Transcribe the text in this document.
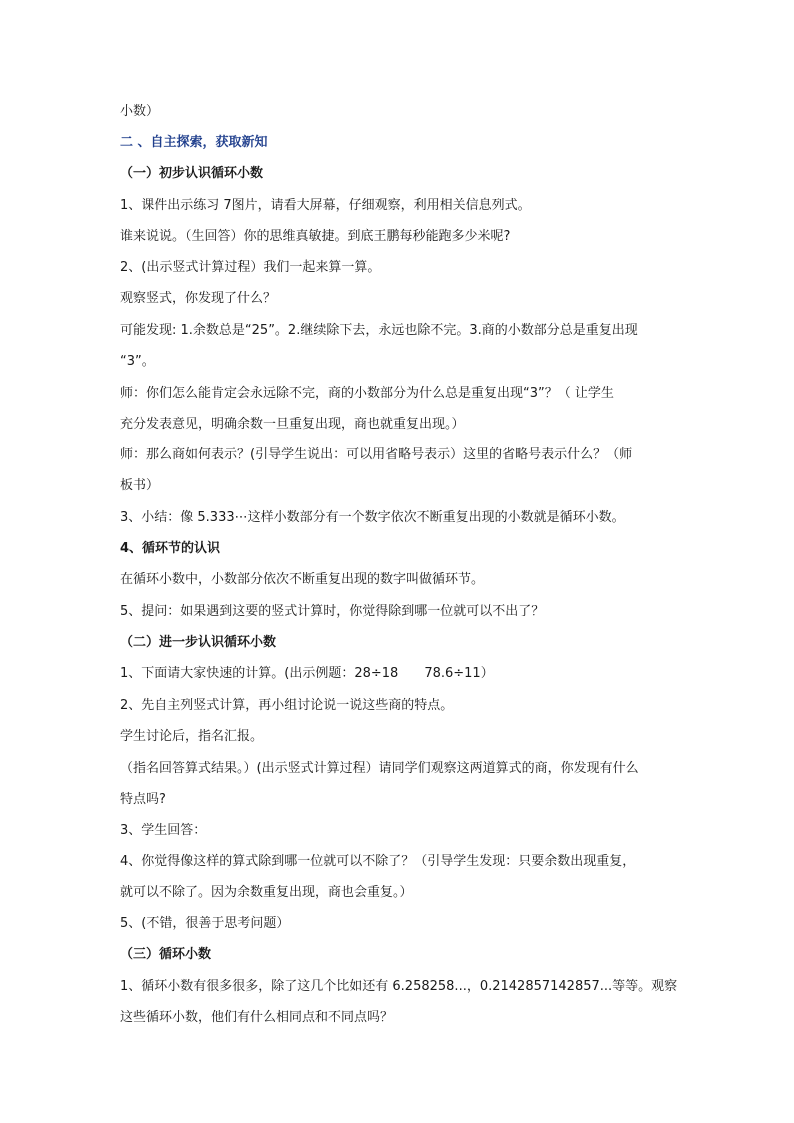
小数）
二 、自主探索，获取新知
（一）初步认识循环小数
1、课件出示练习 7图片，请看大屏幕，仔细观察，利用相关信息列式。
谁来说说。（生回答）你的思维真敏捷。到底王鹏每秒能跑多少米呢?
2、(出示竖式计算过程）我们一起来算一算。
观察竖式，你发现了什么？
可能发现: 1.余数总是“25”。2.继续除下去，永远也除不完。3.商的小数部分总是重复出现
“3”。
师：你们怎么能肯定会永远除不完，商的小数部分为什么总是重复出现“3”？（ 让学生
充分发表意见，明确余数一旦重复出现，商也就重复出现。）
师：那么商如何表示？(引导学生说出：可以用省略号表示）这里的省略号表示什么？（师
板书）
3、小结：像 5.333⋯这样小数部分有一个数字依次不断重复出现的小数就是循环小数。
4、循环节的认识
在循环小数中，小数部分依次不断重复出现的数字叫做循环节。
5、提问：如果遇到这要的竖式计算时，你觉得除到哪一位就可以不出了？
（二）进一步认识循环小数
1、下面请大家快速的计算。(出示例题：28÷18 78.6÷11）
2、先自主列竖式计算，再小组讨论说一说这些商的特点。
学生讨论后，指名汇报。
（指名回答算式结果。）(出示竖式计算过程）请同学们观察这两道算式的商，你发现有什么
特点吗?
3、学生回答：
4、你觉得像这样的算式除到哪一位就可以不除了？（引导学生发现：只要余数出现重复，
就可以不除了。因为余数重复出现，商也会重复。）
5、(不错，很善于思考问题）
（三）循环小数
1、循环小数有很多很多，除了这几个比如还有 6.258258...，0.2142857142857...等等。观察
这些循环小数，他们有什么相同点和不同点吗？
